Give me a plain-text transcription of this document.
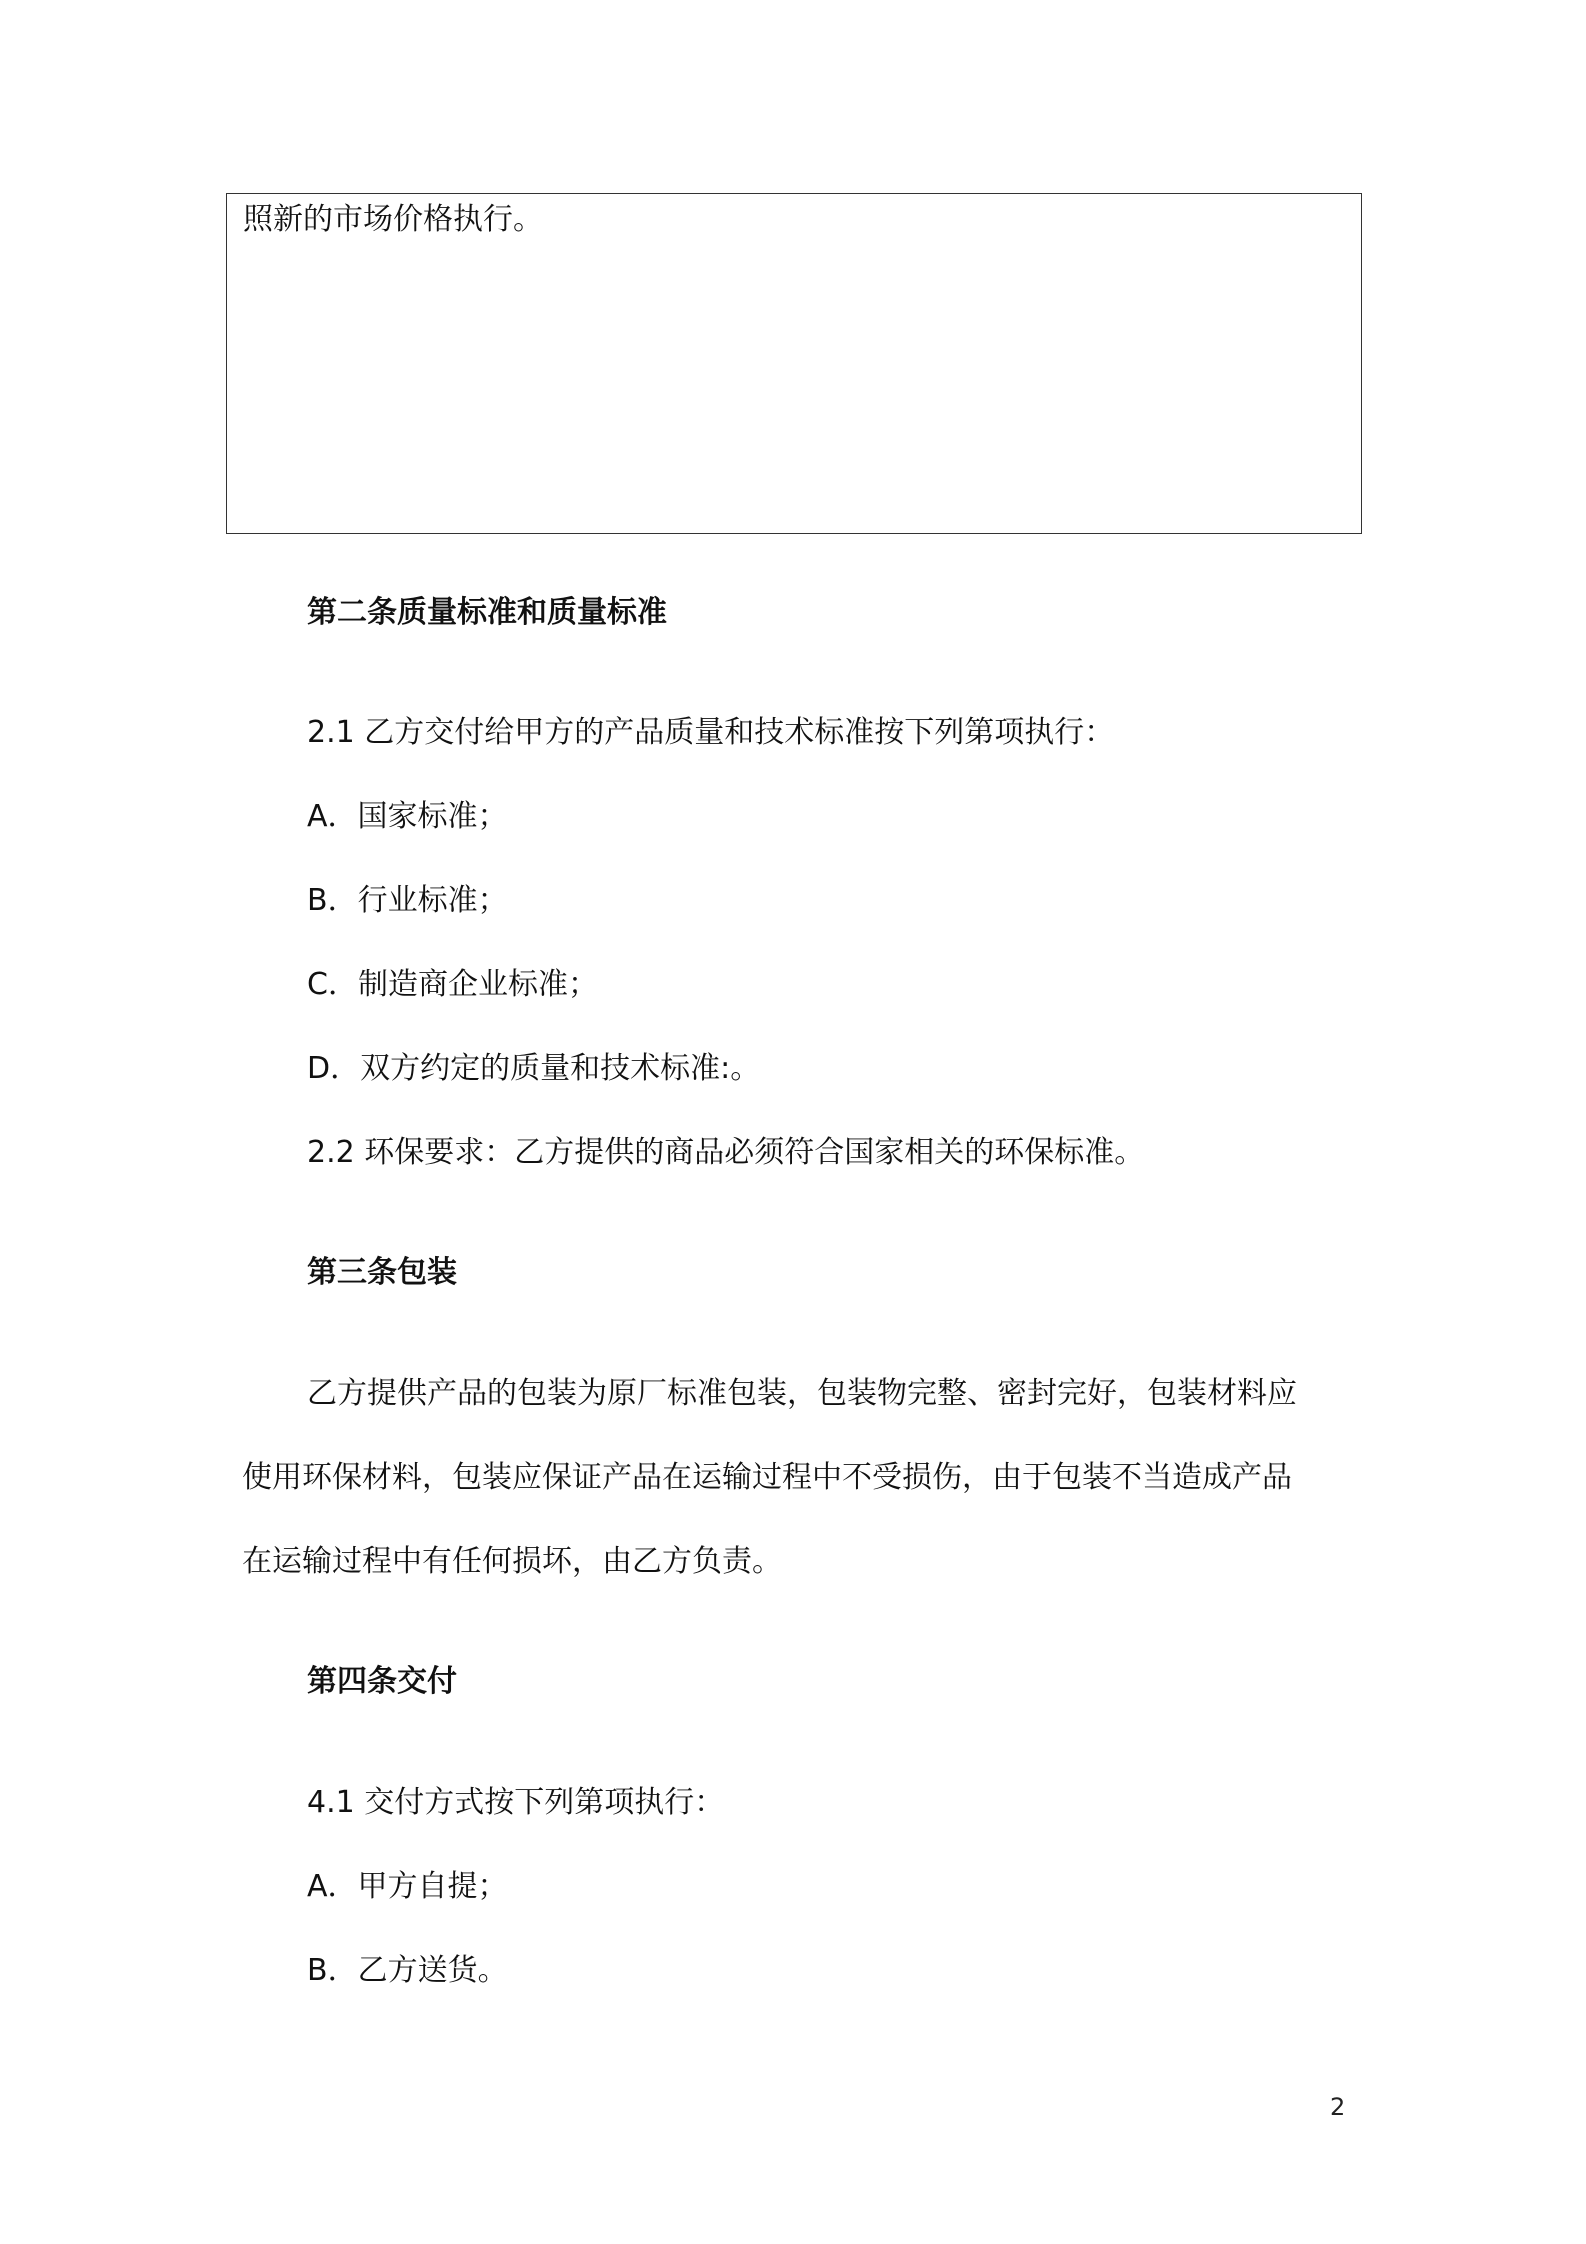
照新的市场价格执行。
第二条质量标准和质量标准
2.1 乙方交付给甲方的产品质量和技术标准按下列第项执行：
A．国家标准；
B．行业标准；
C．制造商企业标准；
D．双方约定的质量和技术标准:。
2.2 环保要求：乙方提供的商品必须符合国家相关的环保标准。
第三条包装
乙方提供产品的包装为原厂标准包装，包装物完整、密封完好，包装材料应
使用环保材料，包装应保证产品在运输过程中不受损伤，由于包装不当造成产品
在运输过程中有任何损坏，由乙方负责。
第四条交付
4.1 交付方式按下列第项执行：
A．甲方自提；
B．乙方送货。
2
